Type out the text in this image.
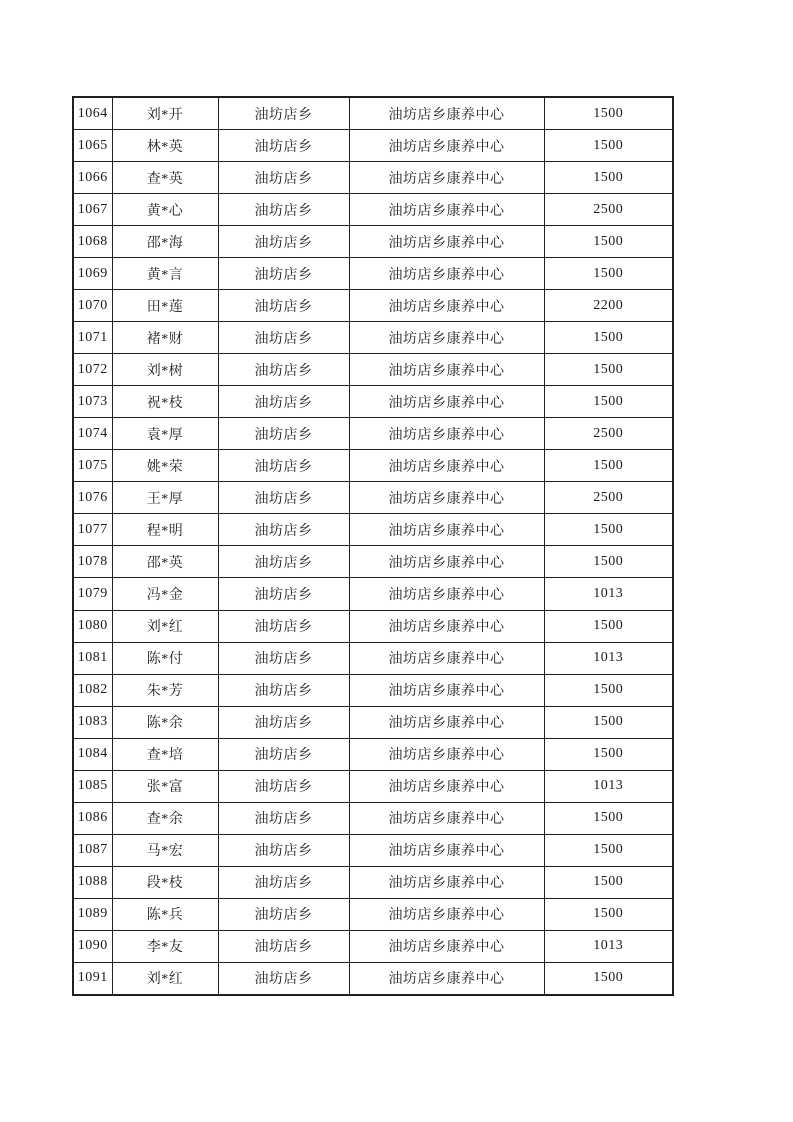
1064	刘*开	油坊店乡	油坊店乡康养中心	1500
1065	林*英	油坊店乡	油坊店乡康养中心	1500
1066	查*英	油坊店乡	油坊店乡康养中心	1500
1067	黄*心	油坊店乡	油坊店乡康养中心	2500
1068	邵*海	油坊店乡	油坊店乡康养中心	1500
1069	黄*言	油坊店乡	油坊店乡康养中心	1500
1070	田*莲	油坊店乡	油坊店乡康养中心	2200
1071	褚*财	油坊店乡	油坊店乡康养中心	1500
1072	刘*树	油坊店乡	油坊店乡康养中心	1500
1073	祝*枝	油坊店乡	油坊店乡康养中心	1500
1074	袁*厚	油坊店乡	油坊店乡康养中心	2500
1075	姚*荣	油坊店乡	油坊店乡康养中心	1500
1076	王*厚	油坊店乡	油坊店乡康养中心	2500
1077	程*明	油坊店乡	油坊店乡康养中心	1500
1078	邵*英	油坊店乡	油坊店乡康养中心	1500
1079	冯*金	油坊店乡	油坊店乡康养中心	1013
1080	刘*红	油坊店乡	油坊店乡康养中心	1500
1081	陈*付	油坊店乡	油坊店乡康养中心	1013
1082	朱*芳	油坊店乡	油坊店乡康养中心	1500
1083	陈*余	油坊店乡	油坊店乡康养中心	1500
1084	查*培	油坊店乡	油坊店乡康养中心	1500
1085	张*富	油坊店乡	油坊店乡康养中心	1013
1086	查*余	油坊店乡	油坊店乡康养中心	1500
1087	马*宏	油坊店乡	油坊店乡康养中心	1500
1088	段*枝	油坊店乡	油坊店乡康养中心	1500
1089	陈*兵	油坊店乡	油坊店乡康养中心	1500
1090	李*友	油坊店乡	油坊店乡康养中心	1013
1091	刘*红	油坊店乡	油坊店乡康养中心	1500
